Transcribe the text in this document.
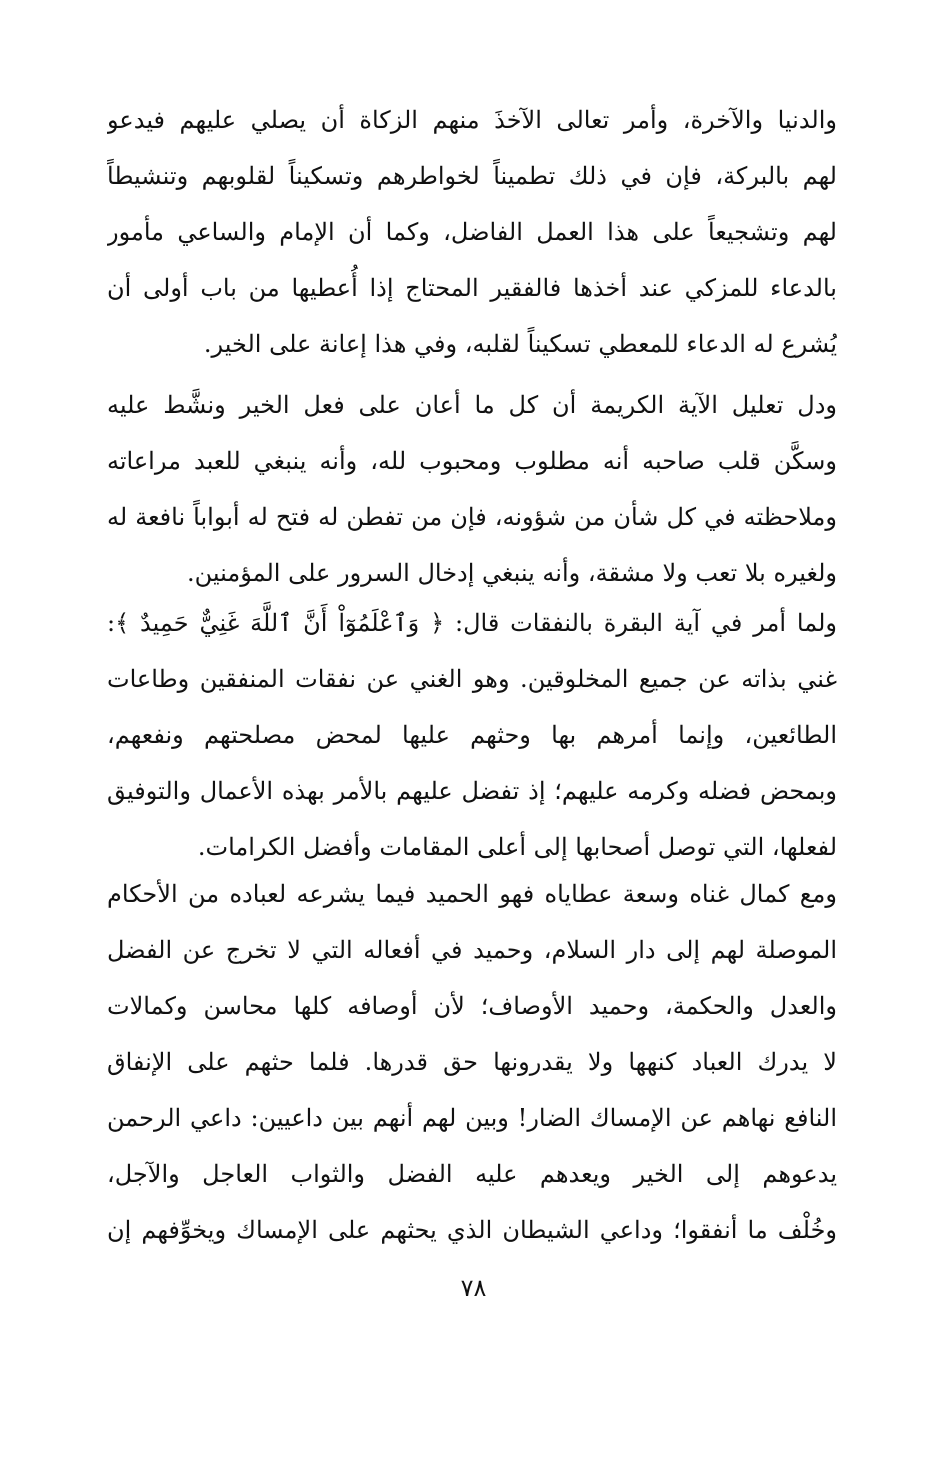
والدنيا والآخرة، وأمر تعالى الآخذَ منهم الزكاة أن يصلي عليهم فيدعو
لهم بالبركة، فإن في ذلك تطميناً لخواطرهم وتسكيناً لقلوبهم وتنشيطاً
لهم وتشجيعاً على هذا العمل الفاضل، وكما أن الإمام والساعي مأمور
بالدعاء للمزكي عند أخذها فالفقير المحتاج إذا أُعطيها من باب أولى أن
يُشرع له الدعاء للمعطي تسكيناً لقلبه، وفي هذا إعانة على الخير.
ودل تعليل الآية الكريمة أن كل ما أعان على فعل الخير ونشَّط عليه
وسكَّن قلب صاحبه أنه مطلوب ومحبوب لله، وأنه ينبغي للعبد مراعاته
وملاحظته في كل شأن من شؤونه، فإن من تفطن له فتح له أبواباً نافعة له
ولغيره بلا تعب ولا مشقة، وأنه ينبغي إدخال السرور على المؤمنين.
ولما أمر في آية البقرة بالنفقات قال: ﴿ وَٱعْلَمُوٓاْ أَنَّ ٱللَّهَ غَنِيٌّ حَمِيدٌ ﴾:
غني بذاته عن جميع المخلوقين. وهو الغني عن نفقات المنفقين وطاعات
الطائعين، وإنما أمرهم بها وحثهم عليها لمحض مصلحتهم ونفعهم،
وبمحض فضله وكرمه عليهم؛ إذ تفضل عليهم بالأمر بهذه الأعمال والتوفيق
لفعلها، التي توصل أصحابها إلى أعلى المقامات وأفضل الكرامات.
ومع كمال غناه وسعة عطاياه فهو الحميد فيما يشرعه لعباده من الأحكام
الموصلة لهم إلى دار السلام، وحميد في أفعاله التي لا تخرج عن الفضل
والعدل والحكمة، وحميد الأوصاف؛ لأن أوصافه كلها محاسن وكمالات
لا يدرك العباد كنهها ولا يقدرونها حق قدرها. فلما حثهم على الإنفاق
النافع نهاهم عن الإمساك الضار! وبين لهم أنهم بين داعيين: داعي الرحمن
يدعوهم إلى الخير ويعدهم عليه الفضل والثواب العاجل والآجل،
وخُلْف ما أنفقوا؛ وداعي الشيطان الذي يحثهم على الإمساك ويخوِّفهم إن
٧٨
